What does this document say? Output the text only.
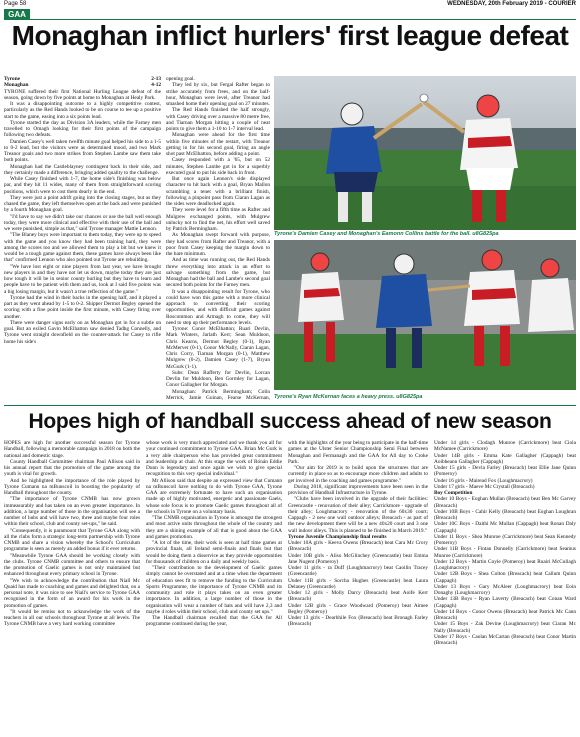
Page 58	WEDNESDAY, 20th February 2019 - COURIER
GAA
Monaghan inflict hurlers' first league defeat
Tyrone	2-13
Monaghan	4-12

TYRONE suffered their first National Hurling League defeat of the season, going down by five points at home to Monaghan at Healy Park.

It was a disappointing outcome to a highly competitive contest, particularly as the Red Hands looked to be on course to tee up a positive start to the game, easing into a six points lead.

Tyrone started the day as Division 3A leaders, while the Farney men travelled to Omagh looking for their first points of the campaign following two defeats.

Damien Casey's well taken twelfth minute goal helped his side to a 1-5 to 0-2 lead, but the visitors were as determined mood, and two Mark Treanor goals and two more strikes from Stephen Lambe saw them take both points.

Monaghan had the Castleblayney contingent back in their side, and they certainly made a difference, bringing added quality to the challenge.

While Casey finished with 1-7, the home side's finishing was below par, and they hit 11 wides, many of them from straightforward scoring positions, which were to cost them dearly in the end.

They were just a point adrift going into the closing stages, but as they chased the game, they left themselves open at the back and were punished by a fourth Monaghan goal.

"I'd have to say we didn't take our chances or use the ball well enough today, they were more clinical and effective with their use of the ball and we were punished, simple as that," said Tyrone manager Mattie Lennon.

"The Blaney boys were important to them today, they were up to speed with the game and you know they had been training hard, they were among the scores too and we allowed them to play a bit but we knew it would be a tough game against them, these games have always been like that" confirmed Lennon who also pointed out Tyrone are rebuilding.

"We have lost eight or nine players from last year, we have brought new players in and they have not let us down, maybe today they are just how tough it will be in senior county hurling but they have to learn and people have to be patient with them and us, look at I said five points was a big losing margin, but it wasn't a true reflection of the game."

Tyrone had the wind in their backs in the opening half, and it played a part as they went ahead by 1-5 to 0-2. Shipper Dermot Begley opened the scoring with a fine point inside the first minute, with Casey firing over another.

There were danger signs early on as Monaghan got in for a subtle on goal. But an exiled Gavin McElhatton saw denied Tadhg Connelly, and Tyrone went straight downfield on the counter-attack for Casey to rifle home his side's

opening goal.

They led by six, but Fergal Rafter began to strike accurately from frees, and on the half-hour, Monaghan were level, after Treanor had smashed home their opening goal on 27 minutes.

The Red Hands finished the half strongly, with Casey driving over a massive 80 metre free, and Tiarnan Morgan hitting a couple of neat points to give them a 1-10 to 1-7 interval lead.

Monaghan were ahead for the first time within five minutes of the restart, with Treanor getting in for his second goal, firing an angle shot past McElhatton, before adding a point.

Casey responded with a '65, but on 52 minutes, Stephen Lambe got in for a superbly executed goal to put his side back in front.

But once again Lennon's side displayed character to hit back with a goal, Bryan Mallon scrambling a tenet with a brilliant finish, following a pinpoint pass from Ciaran Lagan as the sides were deadlocked again.

They were level for a fifth time as Rafter and Mulgrew exchanged points, with Mulgrew unlucky not to find the net, his effort well saved by Patrick Bermingham.

As Monaghan swept forward with purpose, they had scores from Rafter and Treanor, with a poor from Casey keeping the margin down to the bare minimum.

And as time was running out, the Red Hands threw everything into attack in an effort to salvage something from the game, but Monaghan had the ball and Lambe's second goal secured both points for the Farney men.

It was a disappointing result for Tyrone, who could have won this game with a more clinical approach to converting their scoring opportunities, and with difficult games against Roscommon and Armagh to come, they will need to step up their performance levels.

Tyrone: Conor McElhatton; Ruari Devlin, Mark Winters, Jarlath Kerr; Sean Muldoon, Chris Kearns, Dermot Begley (0-1), Ryan McMerver (0-1), Conor McNally, Ciaran Lagan, Chris Corry, Tiarnan Morgan (0-1), Matthew Mulgrew (0-2), Damien Casey (1-7), Bryan McGurk (1-1).

Subs: Dean Rafferty for Devlin, Lorcan Devlin for Muldoon, Ben Gormley for Lagan, Conor Gallagher for Morgan.

Monaghan: Patrick Bermingham; Colin Merrick, Jamie Guinan, Fearse McKernan,

Tyrone's Damien Casey and Monaghan's Eamonn Collins battle for the ball. u8G825pa
Tyrone's Ryan McKernan faces a heavy press. u8G825pa
Hopes high of handball success ahead of new season

HOPES are high for another successful season for Tyrone Handball, following a memorable campaign in 2018 on both the national and domestic stage.

County Handball Committee chairman Paul Allison said in his annual report that the promotion of the game among the youth is vital for growth.

And he highlighted the importance of the role played by Tyrone Cumann na mBunscoil in boosting the popularity of Handball throughout the county.

"The importance of Tyrone CNMB has now grown immeasurably and has taken on an even greater importance. In addition, a large number of those in the organisation will see a number of hubs and will have two, three and maybe four roles within their school, club and county set-ups," he said.

"Consequently, it is paramount that Tyrone GAA along with all the clubs form a strategic long-term partnership with Tyrone CNMB and share a vision whereby the School's Curriculum programme is seen as merely an added bonus if it ever returns.

"Meanwhile Tyrone GAA should be working closely with the clubs. Tyrone CNMB committee and others to ensure that the promotion of Gaelic games is not only maintained but enhanced throughout every primary school in Tyrone.

"We wish to acknowledge the contribution that Niall Mc Quaid has made to coaching and games and delighted that, on a personal note, it was nice to see Niall's service to Tyrone GAA recognised in the form of an award for his work in the promotion of games.

"It would be remiss not to acknowledge the work of the teachers in all our schools throughout Tyrone at all levels. The Tyrone CNMB have a very hard working committee

whose work is very much appreciated and we thank you all for your continued commitment to Tyrone GAA. Brian Mc Gurk is a very able chairperson who has provided great commitment and leadership at chair. At this stage the work of Rónán Eddie Dunn is legendary and once again we wish to give special recognition to this very special individual."

Mr Allison said that despite an expressed view that Cumann na mBunscoil have nothing to do with Tyrone GAA, Tyrone GAA are extremely fortunate to have such an organisation made up of highly motivated, energetic and passionate Gaels, whose sole focus is to promote Gaelic games throughout all of the schools in Tyrone on a voluntary basis.

"The CNMB organisation in Tyrone is amongst the strongest and most active units throughout the whole of the country and they are a shining example of all that is good about the GAA and games promotion.

"A lot of the time, their work is seen at half time games at provincial finals, all Ireland semi-finals and finals but that would be doing them a disservice as they provide opportunities for thousands of children on a daily and weekly basis.

"Their contribution to the development of Gaelic games simply cannot be overstated and at a time when the department of education sees fit to remove the funding to the Curriculum Sports Programme, the importance of Tyrone CNMB and its community and role it plays takes on an even greater importance. In addition, a large number of those in the organisation will wear a number of hats and will have 2,3 and maybe 4 roles within their school, club and county set ups."

The Handball chairman recalled that the GAA for All programme continued during the year,

with the highlights of the year being to participate in the half-time games at the Ulster Senior Championship Semi Final between Monaghan and Fermanagh and the GAA for All day to Croke Park.

"Our aim for 2019 is to build upon the structures that are currently in place so as to encourage more children and adults to get involved in the coaching and games programme."

During 2018, significant improvements have been seen in the provision of Handball Infrastructure in Tyrone.

"Clubs have been involved in the upgrade of their facilities: Greencastle - renovation of their alley; Carrickmore - upgrade of their alley; Loughmacrory - renovation of the 60x30 court; Cappagh - 2 new one wall outdoor alleys; Breacach - as part of the new development there will be a new 40x20 court and 3 one wall indoor alleys. This is planned to be finished in March 2019."

Tyrone Juvenile Championship final results

Under 10A girls - Keeva Owens (Breacach) beat Cara Mc Crory (Breacach)

Under 10B girls - Aliso McGlinchey (Greencastle) beat Emma Jane Nugent (Pomeroy)

Under 11 girls - ra Duff (Loughmacrory) beat Caoilin Tracey (Greencastle)

Under 11B girls - Sorcha Hughes (Greencastle) beat Laura Delaney (Greencastle)

Under 12 girls - Molly Darcy (Breacach) beat Aoife Kerr (Breacach)

Under 12B girls - Grace Woodward (Pomeroy) beat Aimee Begley (Pomeroy)

Under 13 girls - Dearbhile Fox (Breacach) beat Bronagh Farley (Breacach)

Under 14 girls - Clodagh Munroe (Carrickmore) beat Ciola McNamee (Carrickmore)

Under 14B girls - Emma Kate Gallagher (Cappagh) beat Aoibheann Gallagher (Cappagh)

Under 15 girls - Devla Farley (Breacach) beat Ellie Jane Quinn (Pomeroy)

Under 16 girls - Mairead Fox (Loughmacrory)

Under 17 girls - Maeve Mc Crystall (Breacach)

Boy Competition

Under 10 Boys - Eoghan Mullan (Breacach) beat Ben Mc Garvey (Breacach)

Under 10B Boys - Cahir Kelly (Breacach) beat Eoghan Loughran (Breacach)

Under 10C Boys - Daithi Mc Mullan (Cappagh) beat Ronan Daly (Cappagh)

Under 11 Boys - Shea Munroe (Carrickmore) beat Sean Kennedy (Pomeroy)

Under 11B Boys - Fintan Donnelly (Carrickmore) beat Seamus Munroe (Carrickmore)

Under 12 Boys - Martin Coyle (Pomeroy) beat Ruairi McCullagh (Loughmacrory)

Under 12B Boys - Shea Colton (Breacach) beat Callum Quinn (Cappagh)

Under 13 Boys - Gary McAleer (Loughmacrory) beat Eoin Donaghy (Loughmacrory)

Under 13B Boys - Ryan Laverty (Breacach) beat Conan Ward (Cappagh)

Under 14 Boys - Conor Owens (Breacach) beat Patrick Mc Cann (Breacach)

Under 15 Boys - Zak Devine (Loughmacrory) beat Ciaran Mc Nally (Breacach)

Under 17 Boys - Caolan McCartan (Breacach) beat Conor Martin (Breacach)
